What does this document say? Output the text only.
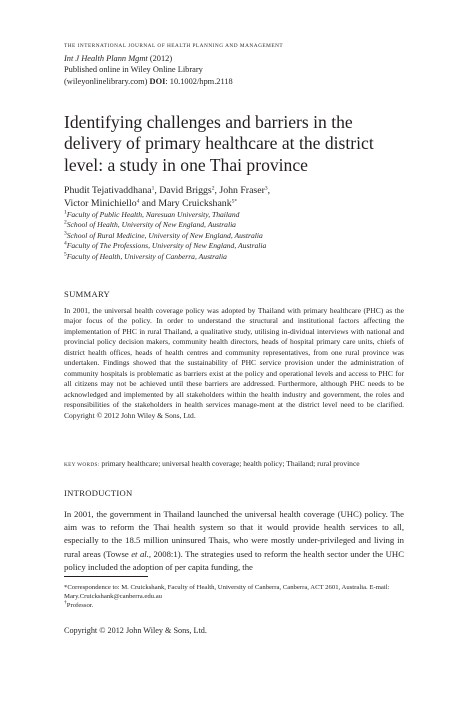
THE INTERNATIONAL JOURNAL OF HEALTH PLANNING AND MANAGEMENT
Int J Health Plann Mgmt (2012)
Published online in Wiley Online Library
(wileyonlinelibrary.com) DOI: 10.1002/hpm.2118
Identifying challenges and barriers in the delivery of primary healthcare at the district level: a study in one Thai province
Phudit Tejativaddhana$^1$, David Briggs$^2$, John Fraser$^3$,
Victor Minichiello$^4$ and Mary Cruickshank$^{5*}$
$^1$Faculty of Public Health, Naresuan University, Thailand
$^2$School of Health, University of New England, Australia
$^3$School of Rural Medicine, University of New England, Australia
$^4$Faculty of The Professions, University of New England, Australia
$^5$Faculty of Health, University of Canberra, Australia
SUMMARY
In 2001, the universal health coverage policy was adopted by Thailand with primary healthcare (PHC) as the major focus of the policy. In order to understand the structural and institutional factors affecting the implementation of PHC in rural Thailand, a qualitative study, utilising in-dividual interviews with national and provincial policy decision makers, community health directors, heads of hospital primary care units, chiefs of district health offices, heads of health centres and community representatives, from one rural province was undertaken. Findings showed that the sustainability of PHC service provision under the administration of community hospitals is problematic as barriers exist at the policy and operational levels and access to PHC for all citizens may not be achieved until these barriers are addressed. Furthermore, although PHC needs to be acknowledged and implemented by all stakeholders within the health industry and government, the roles and responsibilities of the stakeholders in health services manage-ment at the district level need to be clarified. Copyright © 2012 John Wiley & Sons, Ltd.
KEY WORDS: primary healthcare; universal health coverage; health policy; Thailand; rural province
INTRODUCTION
In 2001, the government in Thailand launched the universal health coverage (UHC) policy. The aim was to reform the Thai health system so that it would provide health services to all, especially to the 18.5 million uninsured Thais, who were mostly under-privileged and living in rural areas (Towse et al., 2008:1). The strategies used to reform the health sector under the UHC policy included the adoption of per capita funding, the
*Correspondence to: M. Cruickshank, Faculty of Health, University of Canberra, Canberra, ACT 2601, Australia. E-mail: Mary.Cruickshank@canberra.edu.au
†Professor.
Copyright © 2012 John Wiley & Sons, Ltd.
